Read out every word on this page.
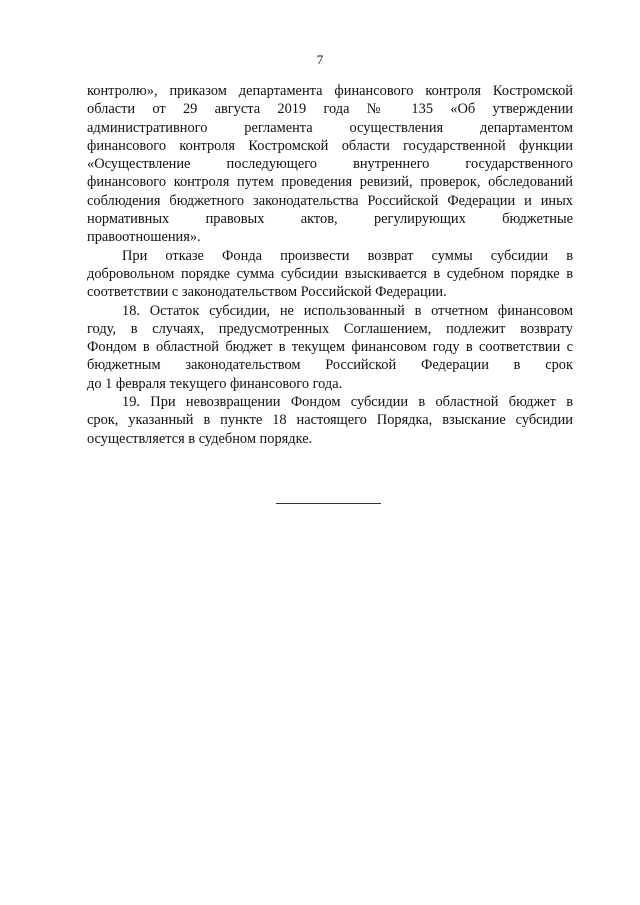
7

контролю», приказом департамента финансового контроля Костромской
области от 29 августа 2019 года № 135 «Об утверждении
административного регламента осуществления департаментом
финансового контроля Костромской области государственной функции
«Осуществление последующего внутреннего государственного
финансового контроля путем проведения ревизий, проверок, обследований
соблюдения бюджетного законодательства Российской Федерации и иных
нормативных правовых актов, регулирующих бюджетные
правоотношения».

При отказе Фонда произвести возврат суммы субсидии в
добровольном порядке сумма субсидии взыскивается в судебном порядке в
соответствии с законодательством Российской Федерации.

18. Остаток субсидии, не использованный в отчетном финансовом
году, в случаях, предусмотренных Соглашением, подлежит возврату
Фондом в областной бюджет в текущем финансовом году в соответствии с
бюджетным законодательством Российской Федерации в срок
до 1 февраля текущего финансового года.

19. При невозвращении Фондом субсидии в областной бюджет в
срок, указанный в пункте 18 настоящего Порядка, взыскание субсидии
осуществляется в судебном порядке.
